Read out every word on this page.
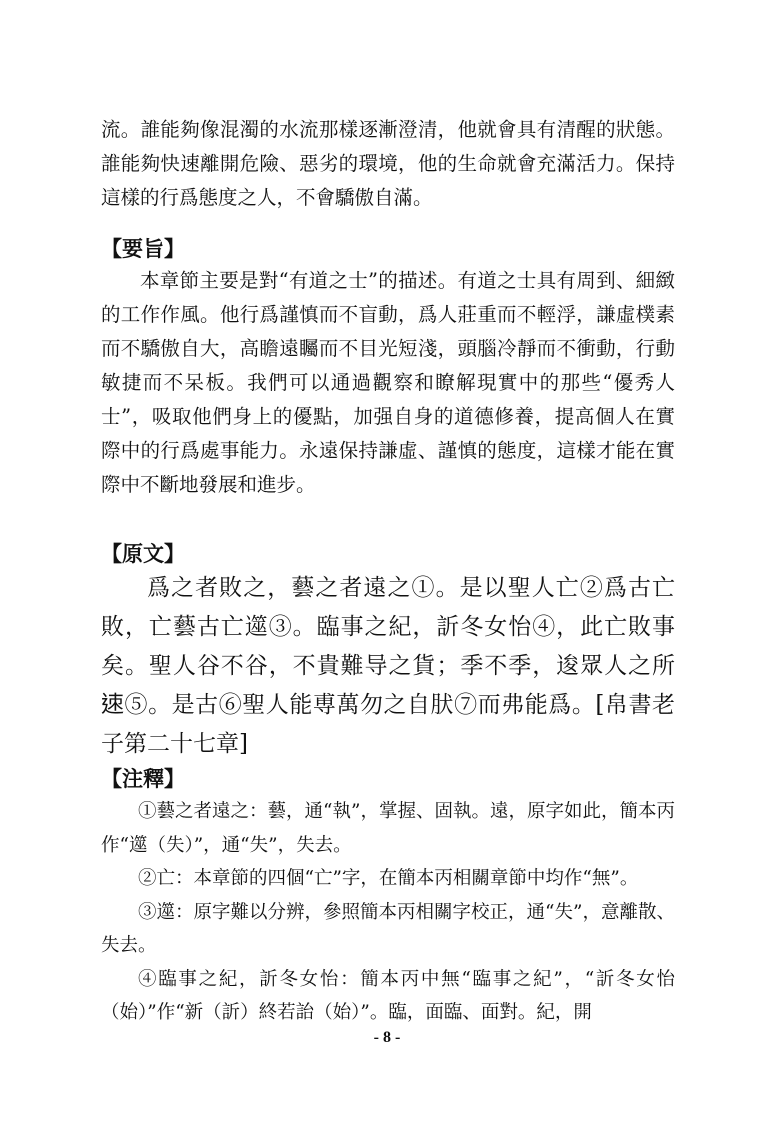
流。誰能夠像混濁的水流那樣逐漸澄清，他就會具有清醒的狀態。誰能夠快速離開危險、惡劣的環境，他的生命就會充滿活力。保持這樣的行爲態度之人，不會驕傲自滿。

【要旨】

本章節主要是對“有道之士”的描述。有道之士具有周到、細緻的工作作風。他行爲謹慎而不盲動，爲人莊重而不輕浮，謙虛樸素而不驕傲自大，高瞻遠矚而不目光短淺，頭腦冷靜而不衝動，行動敏捷而不呆板。我們可以通過觀察和瞭解現實中的那些“優秀人士”，吸取他們身上的優點，加强自身的道德修養，提高個人在實際中的行爲處事能力。永遠保持謙虛、謹慎的態度，這樣才能在實際中不斷地發展和進步。

【原文】

爲之者敗之，藝之者遠之①。是以聖人亡②爲古亡敗，亡藝古亡遾③。臨事之紀，訢冬女怡④，此亡敗事矣。聖人谷不谷，不貴難导之貨；季不季，逡眾人之所𨒪⑤。是古⑥聖人能尃萬勿之自肰⑦而弗能爲。[帛書老子第二十七章]

【注釋】

①藝之者遠之：藝，通“執”，掌握、固執。遠，原字如此，簡本丙作“遾（失）”，通“失”，失去。

②亡：本章節的四個“亡”字，在簡本丙相關章節中均作“無”。

③遾：原字難以分辨，參照簡本丙相關字校正，通“失”，意離散、失去。

④臨事之紀，訢冬女怡：簡本丙中無“臨事之紀”，“訢冬女怡（始）”作“新（訢）終若詒（始）”。臨，面臨、面對。紀，開

- 8 -
